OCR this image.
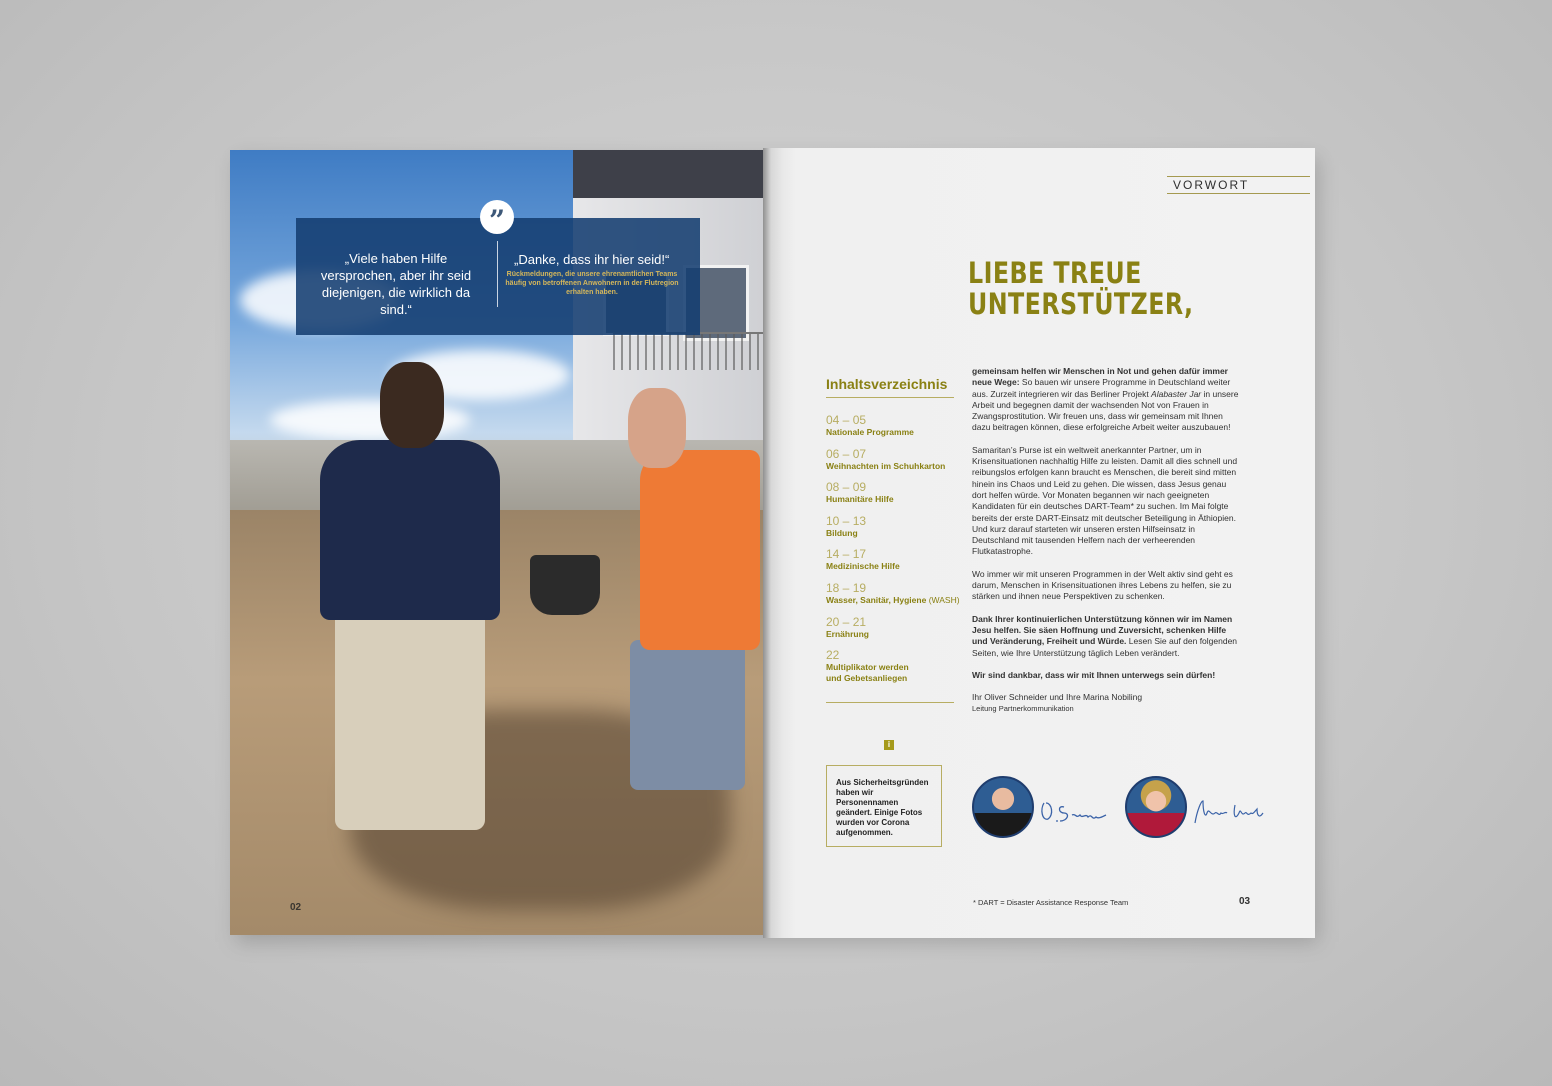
”
„Viele haben Hilfe versprochen, aber ihr seid diejenigen, die wirklich da sind.“
„Danke, dass ihr hier seid!“
Rückmeldungen, die unsere ehrenamtlichen Teams häufig von betroffenen Anwohnern in der Flutregion erhalten haben.
02
VORWORT
LIEBE TREUE
UNTERSTÜTZER,
Inhaltsverzeichnis
04 – 05
Nationale Programme
06 – 07
Weihnachten im Schuhkarton
08 – 09
Humanitäre Hilfe
10 – 13
Bildung
14 – 17
Medizinische Hilfe
18 – 19
Wasser, Sanitär, Hygiene (WASH)
20 – 21
Ernährung
22
Multiplikator werden und Gebetsanliegen
i
Aus Sicherheitsgründen haben wir Personennamen geändert. Einige Fotos wurden vor Corona aufgenommen.

gemeinsam helfen wir Menschen in Not und gehen dafür immer neue Wege: So bauen wir unsere Programme in Deutschland weiter aus. Zurzeit integrieren wir das Berliner Projekt Alabaster Jar in unsere Arbeit und begegnen damit der wachsenden Not von Frauen in Zwangsprostitution. Wir freuen uns, dass wir gemeinsam mit Ihnen dazu beitragen können, diese erfolgreiche Arbeit weiter auszubauen!

Samaritan’s Purse ist ein weltweit anerkannter Partner, um in Krisensituationen nachhaltig Hilfe zu leisten. Damit all dies schnell und reibungslos erfolgen kann braucht es Menschen, die bereit sind mitten hinein ins Chaos und Leid zu gehen. Die wissen, dass Jesus genau dort helfen würde. Vor Monaten begannen wir nach geeigneten Kandidaten für ein deutsches DART-Team* zu suchen. Im Mai folgte bereits der erste DART-Einsatz mit deutscher Beteiligung in Äthiopien. Und kurz darauf starteten wir unseren ersten Hilfseinsatz in Deutschland mit tausenden Helfern nach der verheerenden Flutkatastrophe.

Wo immer wir mit unseren Programmen in der Welt aktiv sind geht es darum, Menschen in Krisensituationen ihres Lebens zu helfen, sie zu stärken und ihnen neue Perspektiven zu schenken.

Dank Ihrer kontinuierlichen Unterstützung können wir im Namen Jesu helfen. Sie säen Hoffnung und Zuversicht, schenken Hilfe und Veränderung, Freiheit und Würde. Lesen Sie auf den folgenden Seiten, wie Ihre Unterstützung täglich Leben verändert.

Wir sind dankbar, dass wir mit Ihnen unterwegs sein dürfen!

Ihr Oliver Schneider und Ihre Marina Nobiling
Leitung Partnerkommunikation
* DART = Disaster Assistance Response Team	03
